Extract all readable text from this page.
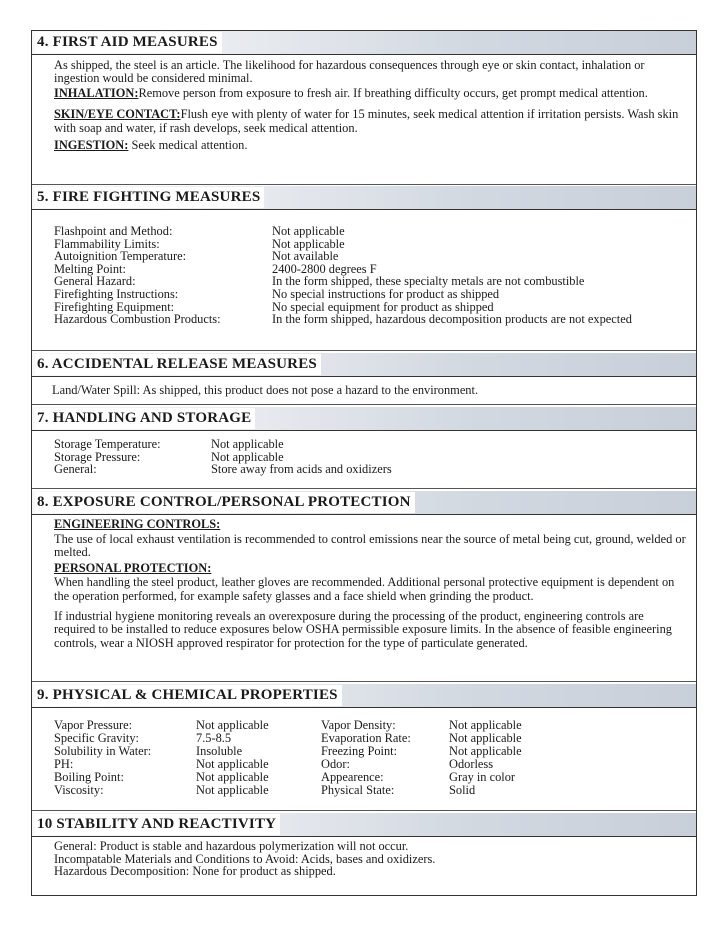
4. FIRST AID MEASURES
As shipped, the steel is an article. The likelihood for hazardous consequences through eye or skin contact, inhalation or ingestion would be considered minimal.
INHALATION:Remove person from exposure to fresh air. If breathing difficulty occurs, get prompt medical attention.
SKIN/EYE CONTACT:Flush eye with plenty of water for 15 minutes, seek medical attention if irritation persists. Wash skin with soap and water, if rash develops, seek medical attention.
INGESTION: Seek medical attention.
5. FIRE FIGHTING MEASURES
Flashpoint and Method:	Not applicable
Flammability Limits:	Not applicable
Autoignition Temperature:	Not available
Melting Point:	2400-2800 degrees F
General Hazard:	In the form shipped, these specialty metals are not combustible
Firefighting Instructions:	No special instructions for product as shipped
Firefighting Equipment:	No special equipment for product as shipped
Hazardous Combustion Products:	In the form shipped, hazardous decomposition products are not expected
6. ACCIDENTAL RELEASE MEASURES
Land/Water Spill: As shipped, this product does not pose a hazard to the environment.
7. HANDLING AND STORAGE
Storage Temperature:	Not applicable
Storage Pressure:	Not applicable
General:	Store away from acids and oxidizers
8. EXPOSURE CONTROL/PERSONAL PROTECTION
ENGINEERING CONTROLS:
The use of local exhaust ventilation is recommended to control emissions near the source of metal being cut, ground, welded or melted.
PERSONAL PROTECTION:
When handling the steel product, leather gloves are recommended. Additional personal protective equipment is dependent on the operation performed, for example safety glasses and a face shield when grinding the product.
If industrial hygiene monitoring reveals an overexposure during the processing of the product, engineering controls are required to be installed to reduce exposures below OSHA permissible exposure limits. In the absence of feasible engineering controls, wear a NIOSH approved respirator for protection for the type of particulate generated.
9. PHYSICAL & CHEMICAL PROPERTIES
Vapor Pressure:	Not applicable	Vapor Density:	Not applicable
Specific Gravity:	7.5-8.5	Evaporation Rate:	Not applicable
Solubility in Water:	Insoluble	Freezing Point:	Not applicable
PH:	Not applicable	Odor:	Odorless
Boiling Point:	Not applicable	Appearence:	Gray in color
Viscosity:	Not applicable	Physical State:	Solid
10 STABILITY AND REACTIVITY
General: Product is stable and hazardous polymerization will not occur.
Incompatable Materials and Conditions to Avoid: Acids, bases and oxidizers.
Hazardous Decomposition: None for product as shipped.
